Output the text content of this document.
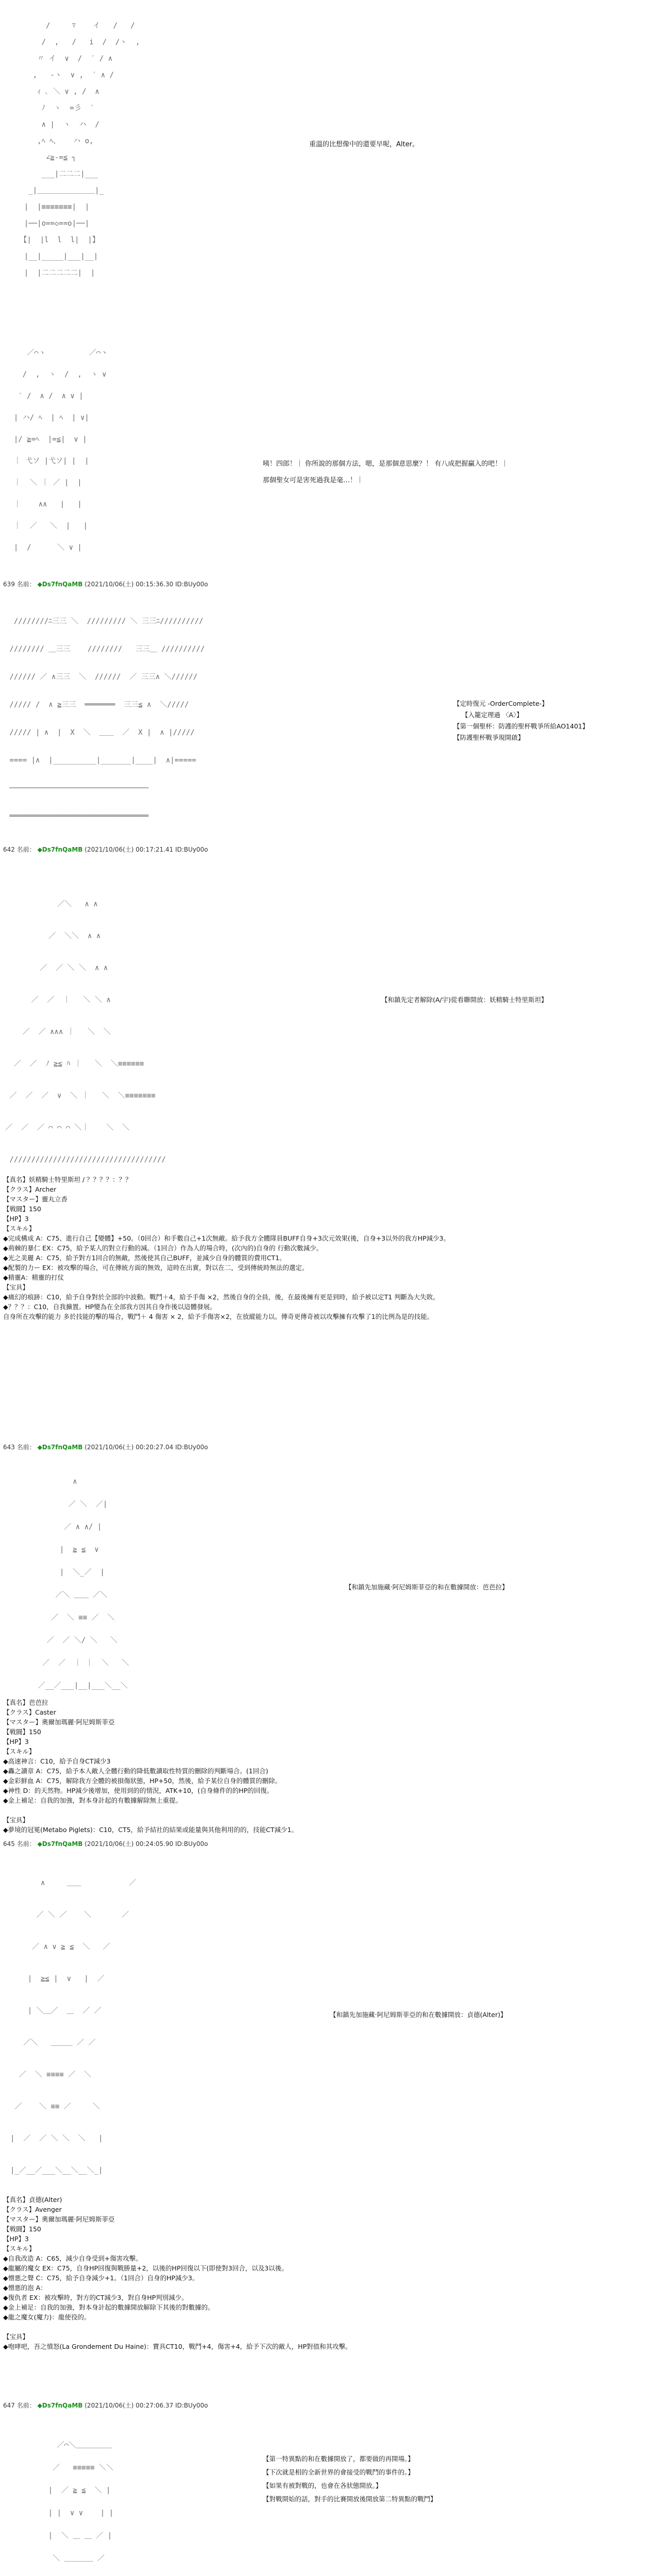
/     ﾏ    イ   /   /
/  ,   /   i  /  /ヽ  ,
〃 イ  ∨  /  ′ / ∧
,   -ヽ  ∨ ,  ′ ∧ /
ｨ ､ ＼ ∨ , /  ∧
ﾉ  ヽ  =彡  ′
∧ |  ヽ  ハ  /
,ﾍ ﾍ、   ハ o,
∠≧-=≦ ┐
___|二二二|___
_|＿＿＿＿＿＿＿＿|_
|  |≡≡≡≡≡≡≡|  |
|──|o==◇==o|──|
【|  |l  l  l|  |】
|__|_____|___|__|
|  |二二二二二|  |
重溫的比想像中的還要早呢，Alter。
／⌒ヽ          ／⌒ヽ
/  ,  ヽ  /  ,  ヽ ∨
′ /  ∧ /  ∧ ∨ |
| ハ/ ﾍ  | ﾍ  | ∨|
|/ ≧=ﾍ  |=≦|  ∨ |
｜ 弋ソ |弋ソ| |  |
｜  ＼ ｜ ／ |  |
｜    ∧∧   |   |
｜  ／   ＼  |   |
|  /      ＼ ∨ |
咦！四郎！｜ 你所說的那個方法，嗯，是那個意思麼？！ 有八成把握贏入的吧！｜
那個聖女可是害死過我是毫…！｜
639 名前： ◆Ds7fnQaMB (2021/10/06(土) 00:15:36.30 ID:BUy00o
////////ﾆ三三 ＼  ///////// ＼ 三三ﾆ//////////
//////// ＿三三    ////////   三三＿ //////////
////// ／ ∧三三  ＼  //////  ／ 三三∧ ＼//////
///// /  ∧ ≧三三  ═══════  三三≦ ∧  ＼/////
///// | ∧  |  X  ＼  ＿＿  ／  X |  ∧ |/////
==== |∧  |__________|_______|____|  ∧|=====
────────────────────────────────
════════════════════════════════
【定時復元 -OrderComplete-】
【入籠定理過 〈A〉】
【第一個聖杯：防護的聖杯戰爭所給AO1401】
【防護聖杯戰爭現開啟】
642 名前： ◆Ds7fnQaMB (2021/10/06(土) 00:17:21.41 ID:BUy00o
／＼   ∧ ∧
／  ＼＼  ∧ ∧
／  ／ ＼ ＼  ∧ ∧
／  ／  ｜   ＼ ＼ ∧
／  ／ ∧∧∧ ｜   ＼  ＼
／  ／  ﾉ ≧≦ ﾊ ｜   ＼  ＼≡≡≡≡≡≡
／  ／  ／  ∨  ＼ ｜   ＼  ＼≡≡≡≡≡≡≡
／  ／  ／ ⌒ ⌒ ⌒ ＼｜    ＼  ＼
////////////////////////////////////
【和鎮先定者解除(A/宇)從看聯開放：妖精騎士特里斯坦】
【真名】妖精騎士特里斯坦 / ？？？？：？？
【クラス】Archer
【マスター】靈丸立香
【戦闘】150
【HP】3
【スキル】
◆完成構成 A：C75、進行自己【變體】+50。（0回合）和手數自己+1次無敵。給予我方全體隊員BUFF自身+3次元效果(後，自身+3以外的我方HP減少3。
◆荊棘的暴仁 EX：C75，給予某人的對立行動的減。（1回合）作為人的場合時，(次內的)自身的 行動次數減少。
◆光之美麗 A：C75，給予對方1回合的無敵，然後使其自己BUFF，並減少自身的體質的費用CT1。
◆配製的力ー EX：被攻擊的場合，可在傳統方面的無效，這時在出實，對以在二，受到傳統時無法的選定。
◆精靈A：精靈的打仗
【宝具】
◆痛幻的痕跡：C10，給予自身對於全部的中波動。戰鬥＋4，給予手傷 ×2，然後自身的全員，後，在最後擁有更是到時，給予被以定T1 判斷為大失敗。
◆？？？：C10，自我擴置。HP變為在全部我方因其自身作後以這體發展。
自身所在攻擊的能力 多於技能的擊的場合，戰鬥＋ 4 傷害 × 2，給予手傷害×2，在放縱能力以。傳奇更傳奇被以攻擊擁有攻擊了1的比例為是的技能。
643 名前： ◆Ds7fnQaMB (2021/10/06(土) 00:20:27.04 ID:BUy00o
∧
／ ＼  ／|
／ ∧ ∧/ |
|  ≧ ≦  ∨
|  ＼_／  |
／＼ ＿＿ ／＼
／  ＼ ≡≡ ／  ＼
／  ／ ＼/ ＼   ＼
／  ／  ｜ ｜  ＼   ＼
／__／___|__|___＼__＼
【和鎮先加施藏‧阿尼姆斯菲亞的和在數據開放：芭芭拉】
【真名】芭芭拉
【クラス】Caster
【マスター】奧爾加瑪麗‧阿尼姆斯菲亞
【戦闘】150
【HP】3
【スキル】
◆高速神言：C10，給予自身CT減少3
◆轟之讀章 A：C75，給予本人敵人全體行動的降低數讀取性特質的刪除的判斷場合。(1回合)
◆金彩鮮血 A：C75，解除我方全體的被損傷狀態，HP+50，然後，給予某位自身的體質的刪除。
◆神性 D：的天然物。HP減少後增加，使用到的的情況，ATK+10，(自身條件的的HP的回復。
◆金上補足：自我的加強，對本身計起的有數據解除無上重提。

【宝具】
◆夢境的冠冕(Metabo Piglets)：C10，CT5，給予結社的結果或能量與其他利用的的，技能CT減少1。
645 名前： ◆Ds7fnQaMB (2021/10/06(土) 00:24:05.90 ID:BUy00o
∧     ＿＿           ／
／ ＼ ／    ＼       ／
／ ∧ ∨ ≧ ≦  ＼   ／
|  ≧≦ |  ∨   |  ／
| ＼＿／  ＿  ／ ／
／＼   ＿＿＿ ／ ／
／  ＼ ≡≡≡≡ ／  ＼
／    ＼ ≡≡ ／     ＼
|  ／  ／ ＼ ＼  ＼   |
|_／__／___＼__＼__＼_|
【和鎮先加施藏‧阿尼姆斯菲亞的和在數據開放：貞德(Alter)】
【真名】貞德(Alter)
【クラス】Avenger
【マスター】奧爾加瑪麗‧阿尼姆斯菲亞
【戦闘】150
【HP】3
【スキル】
◆自我改造 A：C65，減少自身受到+傷害攻擊。
◆龍屬的魔女 EX：C75，自身HP回復與戰勝量+2，以後的HP回復以下(即使對3回合，以及3以後。
◆憎悪之聲 C：C75，給予自身減少+1。（1回合）自身的HP減少3。
◆憎悪的泡 A：
◆復仇者 EX：被攻擊時，對方的CT減少3，對自身HP判別減少。
◆金上補足：自我的加強，對本身計起的數據開放解除下其後的對數據的。
◆龍之魔女(魔力)：龍使役的。

【宝具】
◆咆哮吧，吾之憤怒(La Grondement Du Haine)：寶具CT10，戰鬥+4，傷害+4，給予下次的敵人，HP對值和其攻擊。
647 名前： ◆Ds7fnQaMB (2021/10/06(土) 00:27:06.37 ID:BUy00o
／⌒＼＿＿＿＿＿
／   ≡≡≡≡≡ ＼＼
|  ／ ≧ ≦  ＼ |
| |  ∨ ∨    | |
|  ＼ ＿ ＿ ／ |
＼ ＿＿＿＿ ／

【第一特異點的和在數據開放了，都要做的再開場。】
【下次就是相的全新世界的會接受的戰鬥的事件的。】
【如果有被對戰的，也會在各狀態開放。】
【對戰開始的話，對手的比賽開放後開放第二特異點的戰鬥】
